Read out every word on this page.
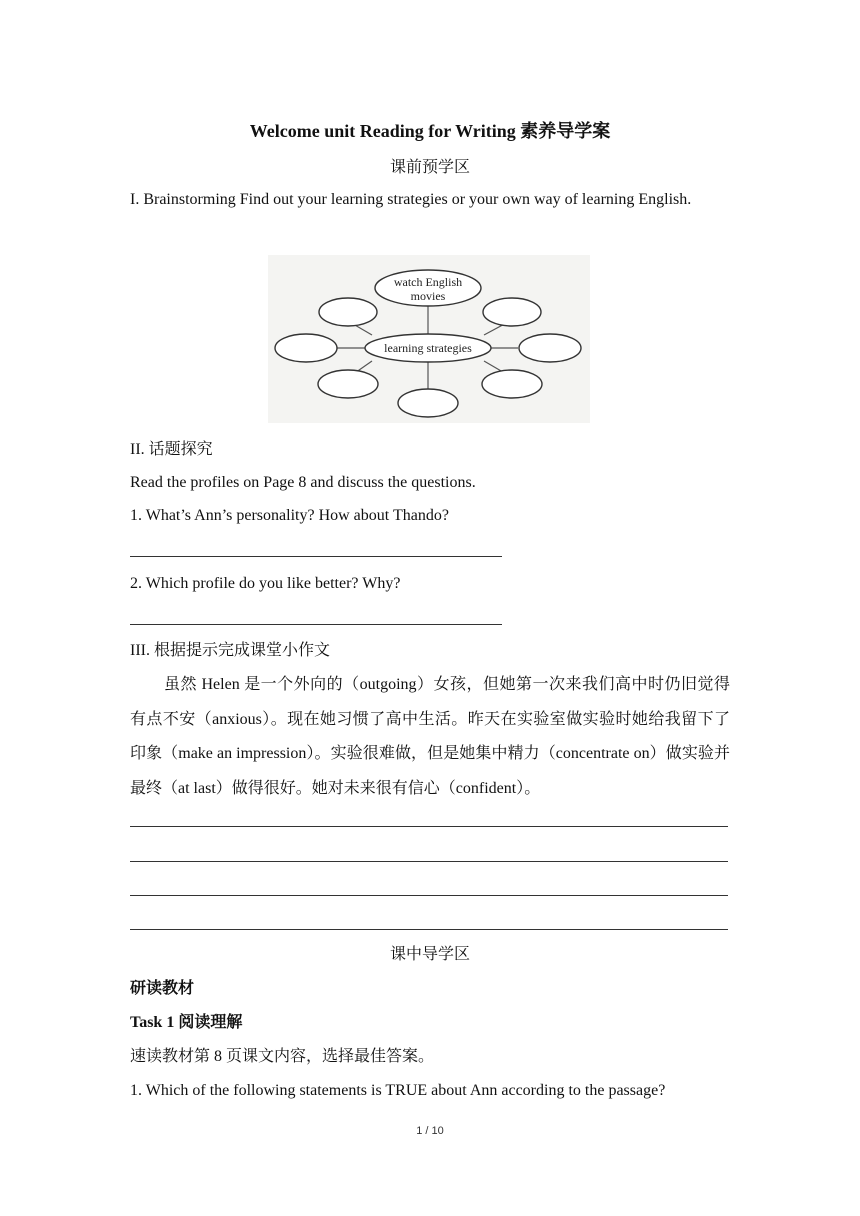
Welcome unit Reading for Writing 素养导学案
课前预学区
I. Brainstorming Find out your learning strategies or your own way of learning English.
learning strategies
watch English
movies
II. 话题探究
Read the profiles on Page 8 and discuss the questions.
1. What’s Ann’s personality? How about Thando?
2. Which profile do you like better? Why?
III. 根据提示完成课堂小作文
虽然 Helen 是一个外向的（outgoing）女孩，但她第一次来我们高中时仍旧觉得有点不安（anxious）。现在她习惯了高中生活。昨天在实验室做实验时她给我留下了印象（make an impression）。实验很难做，但是她集中精力（concentrate on）做实验并最终（at last）做得很好。她对未来很有信心（confident）。
课中导学区
研读教材
Task 1 阅读理解
速读教材第 8 页课文内容，选择最佳答案。
1. Which of the following statements is TRUE about Ann according to the passage?
1 / 10
